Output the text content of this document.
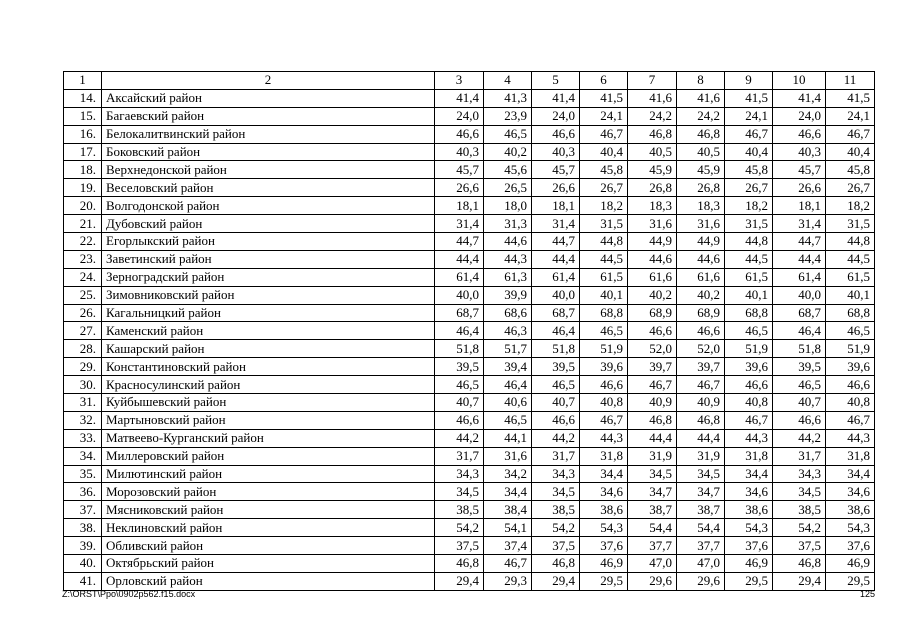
1	2	3	4	5	6	7	8	9	10	11
14.	Аксайский район	41,4	41,3	41,4	41,5	41,6	41,6	41,5	41,4	41,5
15.	Багаевский район	24,0	23,9	24,0	24,1	24,2	24,2	24,1	24,0	24,1
16.	Белокалитвинский район	46,6	46,5	46,6	46,7	46,8	46,8	46,7	46,6	46,7
17.	Боковский район	40,3	40,2	40,3	40,4	40,5	40,5	40,4	40,3	40,4
18.	Верхнедонской район	45,7	45,6	45,7	45,8	45,9	45,9	45,8	45,7	45,8
19.	Веселовский район	26,6	26,5	26,6	26,7	26,8	26,8	26,7	26,6	26,7
20.	Волгодонской район	18,1	18,0	18,1	18,2	18,3	18,3	18,2	18,1	18,2
21.	Дубовский район	31,4	31,3	31,4	31,5	31,6	31,6	31,5	31,4	31,5
22.	Егорлыкский район	44,7	44,6	44,7	44,8	44,9	44,9	44,8	44,7	44,8
23.	Заветинский район	44,4	44,3	44,4	44,5	44,6	44,6	44,5	44,4	44,5
24.	Зерноградский район	61,4	61,3	61,4	61,5	61,6	61,6	61,5	61,4	61,5
25.	Зимовниковский район	40,0	39,9	40,0	40,1	40,2	40,2	40,1	40,0	40,1
26.	Кагальницкий район	68,7	68,6	68,7	68,8	68,9	68,9	68,8	68,7	68,8
27.	Каменский район	46,4	46,3	46,4	46,5	46,6	46,6	46,5	46,4	46,5
28.	Кашарский район	51,8	51,7	51,8	51,9	52,0	52,0	51,9	51,8	51,9
29.	Константиновский район	39,5	39,4	39,5	39,6	39,7	39,7	39,6	39,5	39,6
30.	Красносулинский район	46,5	46,4	46,5	46,6	46,7	46,7	46,6	46,5	46,6
31.	Куйбышевский район	40,7	40,6	40,7	40,8	40,9	40,9	40,8	40,7	40,8
32.	Мартыновский район	46,6	46,5	46,6	46,7	46,8	46,8	46,7	46,6	46,7
33.	Матвеево-Курганский район	44,2	44,1	44,2	44,3	44,4	44,4	44,3	44,2	44,3
34.	Миллеровский район	31,7	31,6	31,7	31,8	31,9	31,9	31,8	31,7	31,8
35.	Милютинский район	34,3	34,2	34,3	34,4	34,5	34,5	34,4	34,3	34,4
36.	Морозовский район	34,5	34,4	34,5	34,6	34,7	34,7	34,6	34,5	34,6
37.	Мясниковский район	38,5	38,4	38,5	38,6	38,7	38,7	38,6	38,5	38,6
38.	Неклиновский район	54,2	54,1	54,2	54,3	54,4	54,4	54,3	54,2	54,3
39.	Обливский район	37,5	37,4	37,5	37,6	37,7	37,7	37,6	37,5	37,6
40.	Октябрьский район	46,8	46,7	46,8	46,9	47,0	47,0	46,9	46,8	46,9
41.	Орловский район	29,4	29,3	29,4	29,5	29,6	29,6	29,5	29,4	29,5
Z:\ORST\Ppo\0902p562.f15.docx	125
